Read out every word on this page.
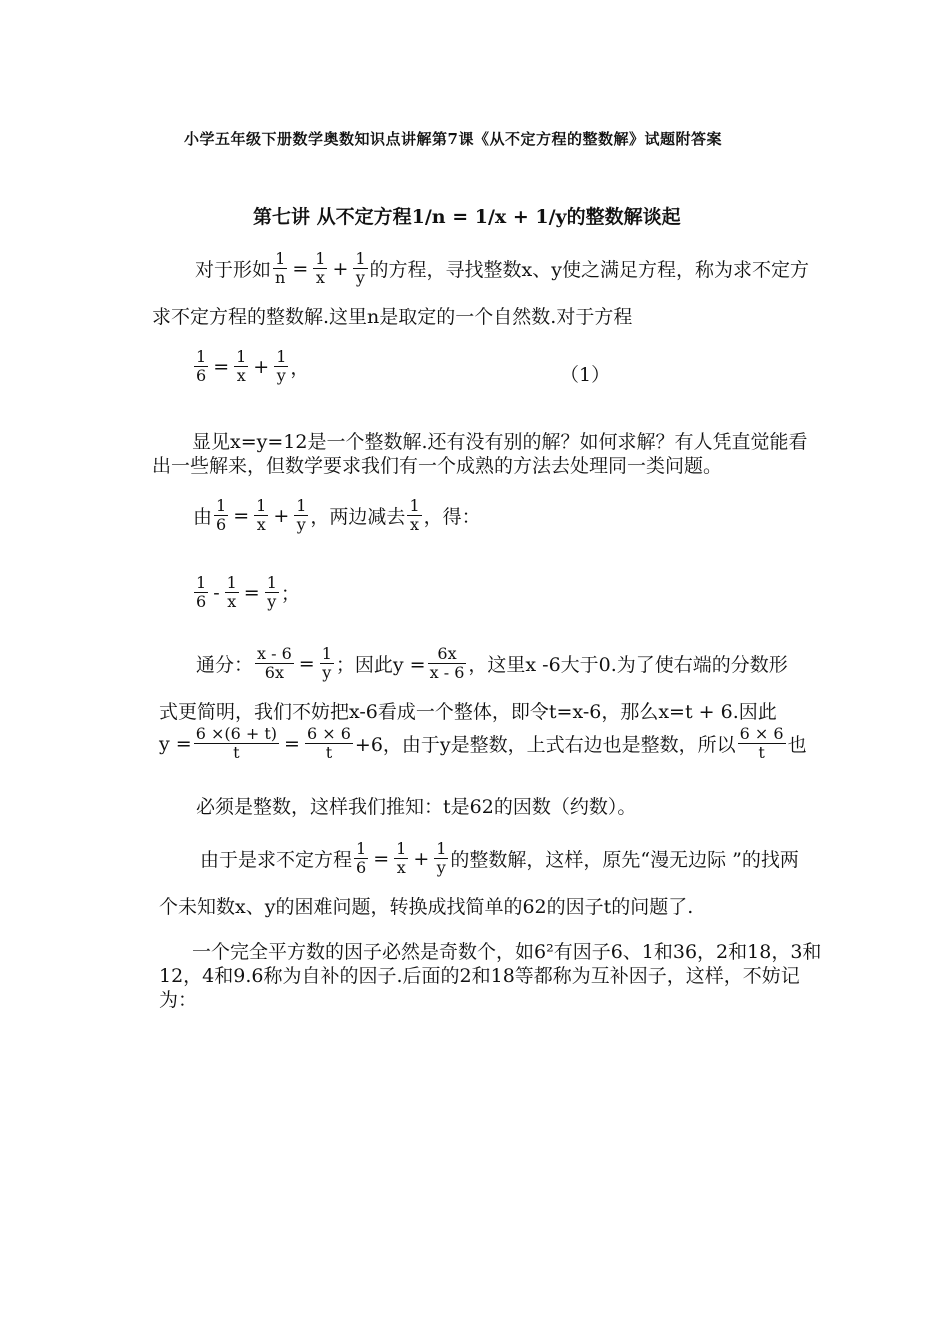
小学五年级下册数学奥数知识点讲解第7课《从不定方程的整数解》试题附答案
第七讲 从不定方程1/n = 1/x + 1/y的整数解谈起
对于形如 $\frac{1}{n} = \frac{1}{x} + \frac{1}{y}$ 的方程，寻找整数x、y使之满足方程，称为求不定方
求不定方程的整数解.这里n是取定的一个自然数.对于方程
$\frac{1}{6} = \frac{1}{x} + \frac{1}{y}$ ，	（1）
显见x=y=12是一个整数解.还有没有别的解？如何求解？有人凭直觉能看
出一些解来，但数学要求我们有一个成熟的方法去处理同一类问题。
由 $\frac{1}{6} = \frac{1}{x} + \frac{1}{y}$ ，两边减去 $\frac{1}{x}$ ，得：
$\frac{1}{6} - \frac{1}{x} = \frac{1}{y}$ ；
通分： $\frac{x - 6}{6x} = \frac{1}{y}$ ；因此$y = \frac{6x}{x - 6}$ ，这里x -6大于0.为了使右端的分数形
式更简明，我们不妨把x-6看成一个整体，即令t=x-6，那么x=t + 6.因此
$y = \frac{6 \times(6 + t)}{t} = \frac{6 \times 6}{t} +6$，由于y是整数，上式右边也是整数，所以 $\frac{6 \times 6}{t}$ 也
必须是整数，这样我们推知：t是62的因数（约数）。
由于是求不定方程 $\frac{1}{6} = \frac{1}{x} + \frac{1}{y}$ 的整数解，这样，原先“漫无边际 ”的找两
个未知数x、y的困难问题，转换成找简单的62的因子t的问题了.
一个完全平方数的因子必然是奇数个，如6²有因子6、1和36，2和18，3和
12，4和9.6称为自补的因子.后面的2和18等都称为互补因子，这样，不妨记
为：
